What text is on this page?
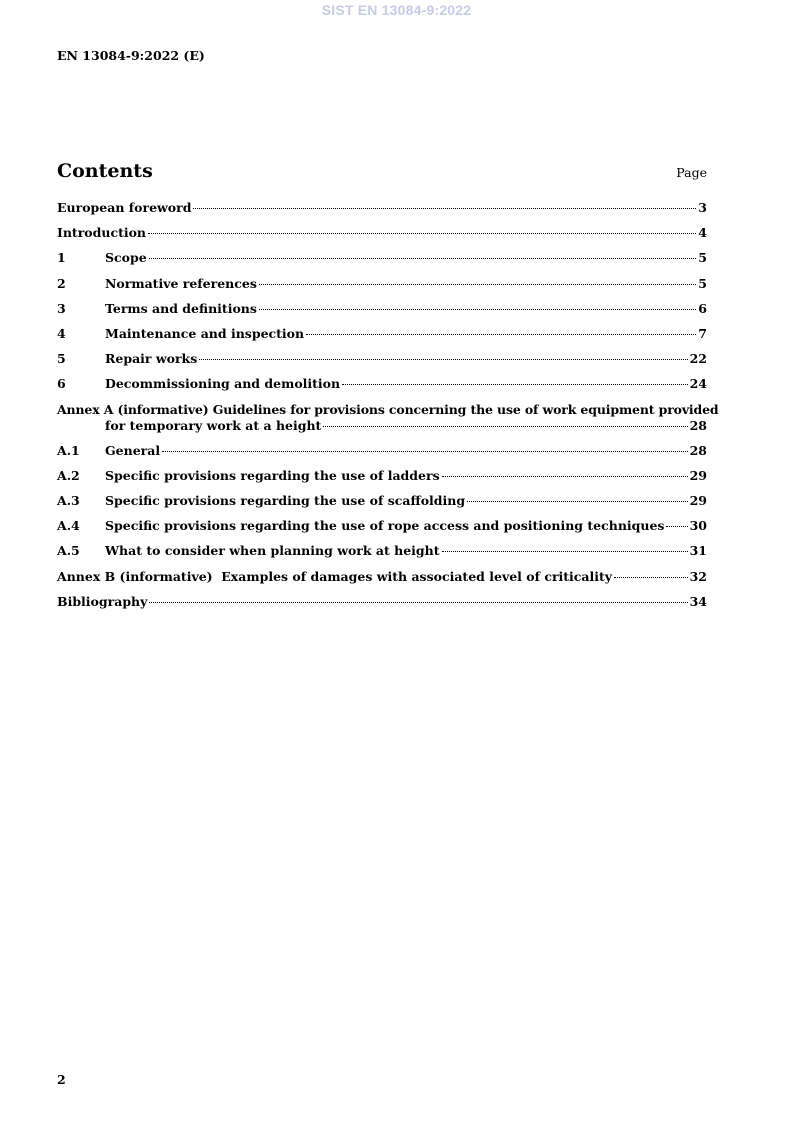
SIST EN 13084-9:2022
EN 13084-9:2022 (E)
Contents	Page
European foreword	3
Introduction	4
1	Scope	5
2	Normative references	5
3	Terms and definitions	6
4	Maintenance and inspection	7
5	Repair works	22
6	Decommissioning and demolition	24
Annex A (informative) Guidelines for provisions concerning the use of work equipment provided
for temporary work at a height	28
A.1	General	28
A.2	Specific provisions regarding the use of ladders	29
A.3	Specific provisions regarding the use of scaffolding	29
A.4	Specific provisions regarding the use of rope access and positioning techniques 30
A.5	What to consider when planning work at height	31
Annex B (informative)  Examples of damages with associated level of criticality	32
Bibliography	34
2
